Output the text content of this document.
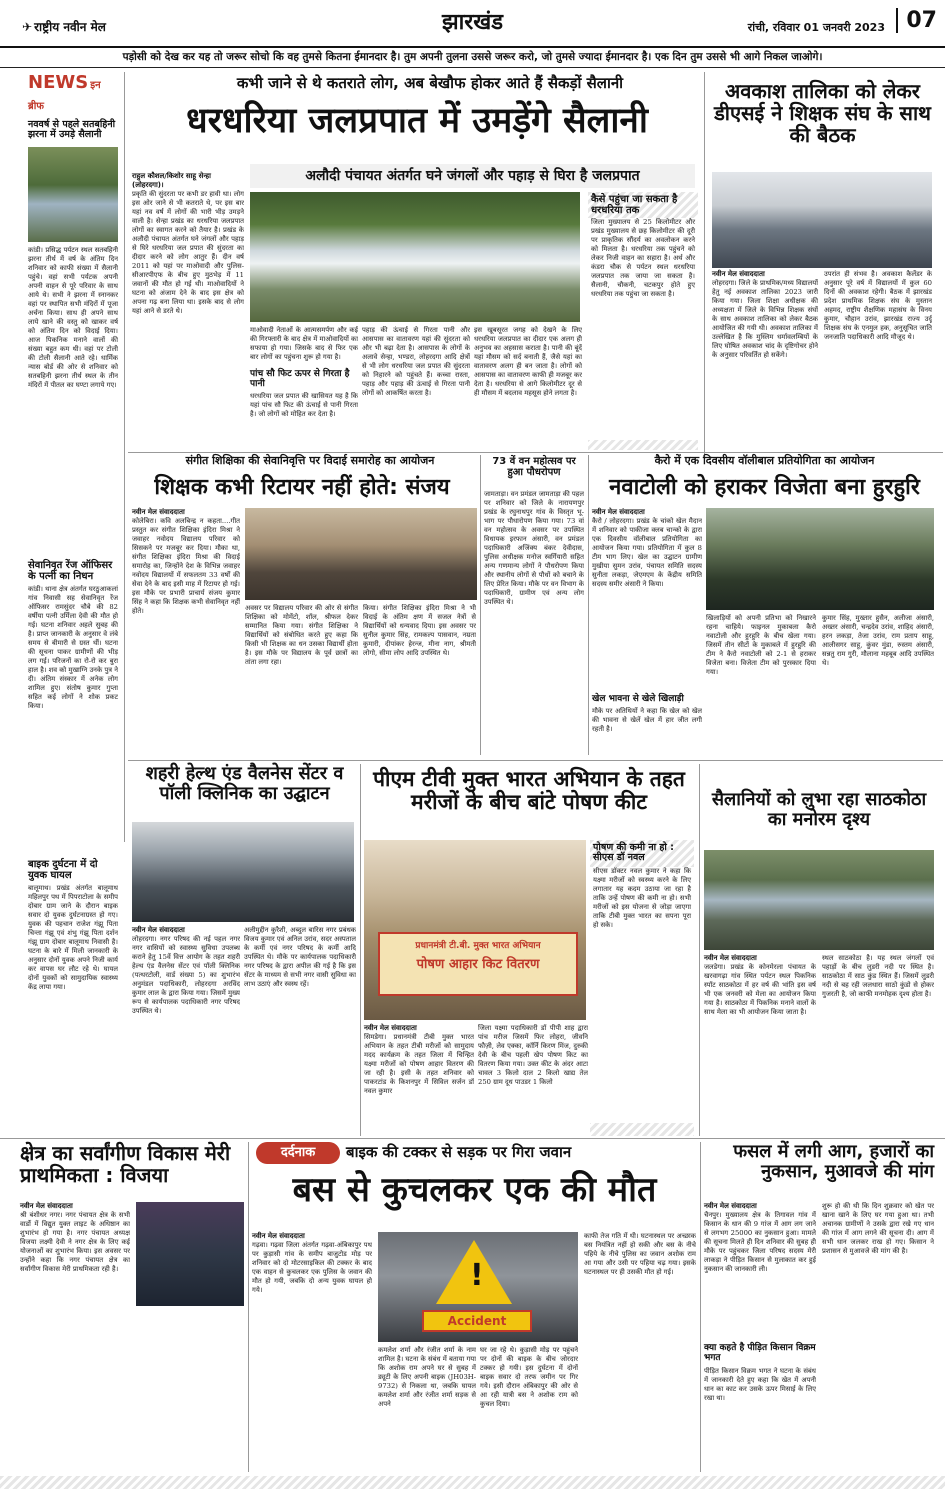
✈ राष्ट्रीय नवीन मेल	झारखंड	रांची, रविवार 01 जनवरी 2023 07
पड़ोसी को देख कर यह तो जरूर सोचो कि वह तुमसे कितना ईमानदार है। तुम अपनी तुलना उससे जरूर करो, जो तुमसे ज्यादा ईमानदार है। एक दिन तुम उससे भी आगे निकल जाओगे।
NEWS इन ब्रीफ
नववर्ष से पहले सतबहिनी झरना में उमड़े सैलानी
कांडी। प्रसिद्ध पर्यटन स्थल सतबहिनी झरना तीर्थ में वर्ष के अंतिम दिन शनिवार को काफी संख्या में सैलानी पहुंचे। वहां सभी पर्यटक अपनी अपनी वाहन से पूरे परिवार के साथ आये थे। सभी ने झरना में स्नानकर वहां पर स्थापित सभी मंदिरों में पूजा अर्चना किया। साथ ही अपने साथ लाये खाने की वस्तु को खाकर वर्ष को अंतिम दिन को विदाई दिया। आज पिकनिक मनाने वालों की संख्या बहुत कम थी। वहां पर टोली की टोली सैलानी आते रहे। धार्मिक न्यास बोर्ड की ओर से शनिवार को सतबहिनी झरना तीर्थ स्थल के तीन मंदिरों में पीतल का घण्टा लगाये गए।
सेवानिवृत रेंज ऑफिसर के पत्नी का निधन
कांडी। थाना क्षेत्र अंतर्गत घरठुआकलां गांव निवासी सह सेवानिवृत रेंज ऑफिसर रामसुंदर चौबे की 82 वर्षीया पत्नी उर्मिला देवी की मौत हो गई। घटना शनिवार अहले सुबह की है। प्राप्त जानकारी के अनुसार वे लंबे समय से बीमारी से ग्रस्त थीं। घटना की सूचना पाकर ग्रामीणों की भीड़ लग गई। परिजनों का रो-रो कर बुरा हाल है। शव को मुखाग्नि उनके पुत्र ने दी। अंतिम संस्कार में अनेक लोग शामिल हुए। संतोष कुमार गुप्ता सहित कई लोगों ने शोक प्रकट किया।
बाइक दुर्घटना में दो युवक घायल
बालूमाथ। प्रखंड अंतर्गत बालूमाथ महिलपुर पथ में पिपराटोला के समीप दोबार ग्राम जाने के दौरान बाइक सवार दो युवक दुर्घटनाग्रस्त हो गए। युवक की पहचान राजेश गंझू पिता चिन्ता गंझू एवं शंभु गंझू पिता दर्शन गंझू ग्राम दोबार बालूमाथ निवासी है। घटना के बारे में मिली जानकारी के अनुसार दोनों युवक अपने निजी कार्य कर वापस घर लौट रहे थे। घायल दोनों युवकों को सामुदायिक स्वास्थ्य केंद्र लाया गया।
कभी जाने से थे कतराते लोग, अब बेखौफ होकर आते हैं सैकड़ों सैलानी
धरधरिया जलप्रपात में उमड़ेंगे सैलानी
अलौदी पंचायत अंतर्गत घने जंगलों और पहाड़ से घिरा है जलप्रपात
राहुल कौशल/किशोर साहू सेन्हा (लोहरदगा)।
प्रकृति की सुंदरता पर कभी डर हावी था। लोग इस ओर जाने से भी कतराते थे, पर इस बार यहां नव वर्ष में लोगों की भारी भीड़ उमड़ने वाली है। सेन्हा प्रखंड का धरधरिया जलप्रपात लोगों का स्वागत करने को तैयार है। प्रखंड के अलौदी पंचायत अंतर्गत घने जंगलों और पहाड़ से घिरे धरधरिया जल प्रपात की सुंदरता का दीदार करने को लोग आतुर हैं। दीन वर्ष 2011 को यहां पर माओवादी और पुलिस-सीआरपीएफ के बीच हुए मुठभेड़ में 11 जवानों की मौत हो गई थी। माओवादियों ने घटना को अंजाम देने के बाद इस क्षेत्र को अपना गढ़ बना लिया था। इसके बाद से लोग यहां आने से डरते थे।
माओवादी नेताओं के आत्मसमर्पण और कई की गिरफ्तारी के बाद क्षेत्र में माओवादियों का सफाया हो गया। जिसके बाद से फिर एक बार लोगों का पहुंचना शुरू हो गया है।
पांच सौ फिट ऊपर से गिरता है पानी
धरधरिया जल प्रपात की खासियत यह है कि यहां पांच सौ फिट की ऊंचाई से पानी गिरता है। जो लोगों को मोहित कर देता है।
पहाड़ की ऊंचाई से गिरता पानी और आसपास का वातावरण यहां की सुंदरता को और भी बढ़ा देता है। आसपास के लोगों के अलावे सेन्हा, भण्डरा, लोहरदगा आदि क्षेत्रों से भी लोग धरधरिया जल प्रपात की सुंदरता को निहारने को पहुंचते हैं। कच्चा रास्ता, पहाड़ और पहाड़ की ऊंचाई से गिरता पानी लोगों को आकर्षित करता है।
इस खूबसूरत जगह को देखने के लिए धरधरिया जलप्रपात का दीदार एक अलग ही अनुभव का अहसास कराता है। पानी की बूंदें यहां मौसम को सर्द बनाती हैं, जैसे यहां का वातावरण अलग ही बन जाता है। लोगों को आसपास का वातावरण काफी ही मजबूर कर देता है। धरधरिया से आगे किलोमीटर दूर से ही मौसम में बदलाव महसूस होने लगता है।
कैसे पहुंचा जा सकता है धरधरिया तक
जिला मुख्यालय से 25 किलोमीटर और प्रखंड मुख्यालय से छह किलोमीटर की दूरी पर प्राकृतिक सौंदर्य का अवलोकन करने को मिलता है। धरधरिया तक पहुंचने को लेकर निजी वाहन का सहारा है। अर्थ और कंडरा चौक से पर्यटन स्थल धरधरिया जलप्रपात तक जाया जा सकता है। सैलानी, चौकनी, चटकपुर होते हुए धरधरिया तक पहुंचा जा सकता है।
अवकाश तालिका को लेकर डीएसई ने शिक्षक संघ के साथ की बैठक
नवीन मेल संवाददाता
लोहरदगा। जिले के प्राथमिक/मध्य विद्यालयों हेतु नई अवकाश तालिका 2023 जारी किया गया। जिला शिक्षा अधीक्षक की अध्यक्षता में जिले के विभिन्न शिक्षक संघों के साथ अवकाश तालिका को लेकर बैठक आयोजित की गयी थी। अवकाश तालिका में उल्लेखित है कि मुस्लिम धर्मावलम्बियों के लिए घोषित अवकाश चांद के दृष्टिगोचर होने के अनुसार परिवर्तित हो सकेंगे।
उपरांत ही संभव है। अवकाश कैलेंडर के अनुसार पूरे वर्ष में विद्यालयों में कुल 60 दिनों की अवकाश रहेगी। बैठक में झारखंड प्रदेश प्राथमिक शिक्षक संघ के मुस्तान अहमद, राष्ट्रीय शैक्षणिक महासंघ के विनय कुमार, चौहान उरांव, झारखंड राज्य उर्दू शिक्षक संघ के एनमुल हक, अनुसूचित जाति जनजाति पदाधिकारी आदि मौजूद थे।
संगीत शिक्षिका की सेवानिवृत्ति पर विदाई समारोह का आयोजन
शिक्षक कभी रिटायर नहीं होते: संजय
नवीन मेल संवाददाता
कोलेबिरा। कवि अलबिन्द्र न कहता....गीत प्रस्तुत कर संगीत शिक्षिका इंदिरा मिश्रा ने जवाहर नवोदय विद्यालय परिवार को सिसकने पर मजबूर कर दिया। मौका था, संगीत शिक्षिका इंदिरा मिश्रा की विदाई समारोह का, जिन्होंने देश के विभिन्न जवाहर नवोदय विद्यालयों में सफलतम 33 वर्षों की सेवा देने के बाद इसी माह में रिटायर हो गई। इस मौके पर प्रभारी प्राचार्य संजय कुमार सिंह ने कहा कि शिक्षक कभी सेवानिवृत नहीं होते।	अवसर पर विद्यालय परिवार की ओर से संगीत शिक्षिका को मोमेंटो, शॉल, श्रीफल देकर सम्मानित किया गया। संगीत शिक्षिका ने विद्यार्थियों को संबोधित करते हुए कहा कि किसी भी शिक्षक का धन उसका विद्यार्थी होता है। इस मौके पर विद्यालय के पूर्व छात्रों का तांता लगा रहा।
किया। संगीत शिक्षिका इंदिरा मिश्रा ने भी विदाई के अंतिम क्षण में सजल नेत्रों से विद्यार्थियों को धन्यवाद दिया। इस अवसर पर सुनील कुमार सिंह, रामकल्प पासवान, नम्रता कुमारी, दीपांकर हेरन्ज, मीना नाग, श्रीमती लोगो, सीमा लोप आदि उपस्थित थे।
73 वें वन महोत्सव पर हुआ पौधरोपण
जामताड़ा। वन प्रमंडल जामताड़ा की पहल पर शनिवार को जिले के नारायणपुर प्रखंड के रघुनाथपुर गांव के विस्तृत भू-भाग पर पौधारोपण किया गया। 73 वां वन महोत्सव के अवसर पर उपस्थित विधायक इरफान अंसारी, वन प्रमंडल पदाधिकारी अजिंक्य बंकर देवीदास, पुलिस अधीक्षक मनोज स्वर्गियारी सहित अन्य गणमान्य लोगों ने पौधरोपण किया और स्थानीय लोगों से पौधों को बचाने के लिए प्रेरित किया। मौके पर वन विभाग के पदाधिकारी, ग्रामीण एवं अन्य लोग उपस्थित थे।
कैरो में एक दिवसीय वॉलीबाल प्रतियोगिता का आयोजन
नवाटोली को हराकर विजेता बना हुरहुरि
नवीन मेल संवाददाता
कैरो / लोहरदगा। प्रखंड के चांको खेल मैदान में शनिवार को पाकीजा क्लब चान्को के द्वारा एक दिवसीय वॉलीबाल प्रतियोगिता का आयोजन किया गया। प्रतियोगिता में कुल 8 टीम भाग लिए। खेल का उद्घाटन ग्रामीण मुखीया सुमन उरांव, पंचायत समिति सदस्य सुनीता लकड़ा, जेएमएम के केंद्रीय समिति सदस्य समीर अंसारी ने किया।
खेल भावना से खेले खिलाड़ी
मौके पर अतिथियों ने कहा कि खेल को खेल की भावना से खेलें खेल में हार जीत लगी रहती है।
खिलाड़ियों को अपनी प्रतिभा को निखारने रहना चाहिये। फाइनल मुकाबला कैरो नवाटोली और हुरहुरि के बीच खेला गया। जिसमें तीन सीटों के मुकाबले में हुरहुरि की टीम ने कैरो नवाटोली को 2-1 से हराकर विजेता बना। विजेता टीम को पुरस्कार दिया गया।
कुमार सिंह, मुख्तार हुसैन, अलीजा अंसारी, अख्तर अंसारी, चन्द्रदेव उरांव, शाहिद अंसारी, हरन लकड़ा, तेजा उरांव, राम प्रताप साहू, आलीसगर साहू, कुंवर मुंडा, रुस्तम अंसारी, सन्नतु राम गुरी, मौलाना महबूब आदि उपस्थित थे।
शहरी हेल्थ एंड वैलनेस सेंटर व पॉली क्लिनिक का उद्घाटन
नवीन मेल संवाददाता
लोहरदगा। नगर परिषद की नई पहल नगर नगर वासियों को स्वास्थ्य सुविधा उपलब्ध कराने हेतु 15वें वित्त आयोग के तहत शहरी हेल्थ एंड वैलनेस सेंटर एवं पॉली क्लिनिक (पत्थरटोली, वार्ड संख्या 5) का शुभारंभ अनुमंडल पदाधिकारी, लोहरदगा अरविंद कुमार लाल के द्वारा किया गया। जिसमें मुख्य रूप से कार्यपालक पदाधिकारी नगर परिषद उपस्थित थे।
अलीमुद्दीन कुरैशी, अब्दुल बारिस नगर प्रबंधक विजय कुमार एवं अनिल उरांव, सदर अस्पताल के कर्मी एवं नगर परिषद के कर्मी आदि उपस्थित थे। मौके पर कार्यपालक पदाधिकारी नगर परिषद के द्वारा अपील की गई है कि इस सेंटर के माध्यम से सभी नगर वासी सुविधा का लाभ उठाएं और स्वस्थ रहें।
पीएम टीवी मुक्त भारत अभियान के तहत मरीजों के बीच बांटे पोषण कीट
प्रधानमंत्री टी.बी. मुक्त भारत अभियान
पोषण आहार किट वितरण
नवीन मेल संवाददाता
सिमडेगा। प्रधानमंत्री टीबी मुक्त भारत अभियान के तहत टीबी मरीजों को सामुदाय मदद कार्यक्रम के तहत जिला में चिन्हित यक्ष्मा मरीजों को पोषण आहार वितरण की जा रही है। इसी के तहत शनिवार को पाकरटांड के किशनपुर में सिविल सर्जन डॉ नवल कुमार
जिला यक्ष्मा पदाधिकारी डॉ पीपी शाह द्वारा पांच मरीज जिसमें फिर लोहरा, जीवनि फौज़ी, लेव एक्का, कॉर्नि किरण मिंज, दुरुकी देवी के बीच पहली खेप पोषण किट का वितरण किया गया। उक्त कीट के अंदर आटा चावल 3 किलो दाल 2 किलो खाद्य तेल 250 ग्राम दूध पाउडर 1 किलो
पोषण की कमी ना हो : सीएस डॉ नवल
सीएस डॉक्टर नवल कुमार ने कहा कि यक्ष्मा मरीजों को स्वस्थ्य करने के लिए लगातार यह कदम उठाया जा रहा है ताकि उन्हें पोषण की कमी ना हो। सभी मरीजों को इस योजना से जोड़ा जाएगा ताकि टीबी मुक्त भारत का सपना पूरा हो सके।
सैलानियों को लुभा रहा साठकोठा का मनोरम दृश्य
नवीन मेल संवाददाता
जलडेगा। प्रखंड के कोनमेरला पंचायत के खरवागढ़ा गांव स्थित पर्यटन स्थल पिकनिक स्पॉट साठकोठा में हर वर्ष की भांति इस वर्ष भी एक जनवरी को मेला का आयोजन किया गया है। साठकोठा में पिकनिक मनाने वालों के साथ मेला का भी आयोजन किया जाता है।
स्थल साठकोठा है। यह स्थल जंगलों एवं पहाड़ों के बीच लुडरी नदी पर स्थित है। साठकोठा में साठ कुंड स्थित हैं। जिसमें लुडरी नदी से बह रही जलधारा साठो कुंडो से होकर गुजरती है, जो काफी मनमोहक दृश्य होता है।
क्षेत्र का सर्वांगीण विकास मेरी प्राथमिकता : विजया
नवीन मेल संवाददाता
श्री बंशीधर नगर। नगर पंचायत क्षेत्र के सभी वार्डो में विद्युत युक्त लाइट के अधिष्ठान का शुभारंभ हो गया है। नगर पंचायत अध्यक्ष विजया लक्ष्मी देवी ने नगर क्षेत्र के लिए कई योजनाओं का शुभारंभ किया। इस अवसर पर उन्होंने कहा कि नगर पंचायत क्षेत्र का सर्वांगीण विकास मेरी प्राथमिकता रही है।
दर्दनाक	बाइक की टक्कर से सड़क पर गिरा जवान
बस से कुचलकर एक की मौत
नवीन मेल संवाददाता
गढ़वा। गढ़वा जिला अंतर्गत गढ़वा-अंबिकापुर पथ पर कुड़ासी गांव के समीप बाजुटोड मोड़ पर शनिवार को दो मोटरसाइकिल की टक्कर के बाद एक वाहन से कुचलकर एक पुलिस के जवान की मौत हो गयी, जबकि दो अन्य युवक घायल हो गये।	!
Accident
कमलेश शर्मा और रंजीत शर्मा के नाम शामिल है। घटना के संबंध में बताया गया कि अशोक राम अपने घर से सुबह में ड्यूटी के लिए अपनी बाइक (JH03H-9732) से निकला था, जबकि घायल कमलेश शर्मा और रंजीत शर्मा सड़क से अपने
घर जा रहे थे। कुड़ासी मोड़ पर पहुंचने पर दोनों की बाइक के बीच जोरदार टक्कर हो गयी। इस दुर्घटना में दोनों बाइक सवार दो तरफ जमीन पर गिर गये। इसी दौरान अंबिकापुर की ओर से आ रही यात्री बस ने अशोक राम को कुचल दिया।
काफी तेज गति में थी। घटनास्थल पर अच्छाक बस नियंत्रित नहीं हो सकी और बस के नीचे पहिये के नीचे पुलिस का जवान अशोक राम आ गया और उसी पर पहिया चढ़ गया। इसके घटनास्थल पर ही उसकी मौत हो गई।
फसल में लगी आग, हजारों का नुकसान, मुआवजे की मांग
नवीन मेल संवाददाता
चैनपुर। मुख्यालय क्षेत्र के तिगावल गांव में किसान के धान की 9 गांज में आग लग जाने से लगभग 25000 का नुकसान हुआ। मामले की सूचना मिलते ही दिन शनिवार की सुबह ही मौके पर पहुंचकर जिला परिषद सदस्य मेरी लाकड़ा ने पीड़ित किसान से मुलाकात कर हुई नुकसान की जानकारी ली।
क्या कहते है पीड़ित किसान विक्रम भगत
पीड़ित किसान विक्रम भगत ने घटना के संबंध में जानकारी देते हुए कहा कि खेत में अपनी धान का काट कर उसके ऊपर मिसाई के लिए रखा था।
शुरू हो की थी कि दिन शुक्रवार को खेत पर खाना खाने के लिए घर गया हुआ था। तभी अचानक ग्रामीणों ने उसके द्वारा रखे गए धान की गांज में आग लगने की सूचना दी। आग में सभी धान जलकर राख हो गए। किसान ने प्रशासन से मुआवजे की मांग की है।
